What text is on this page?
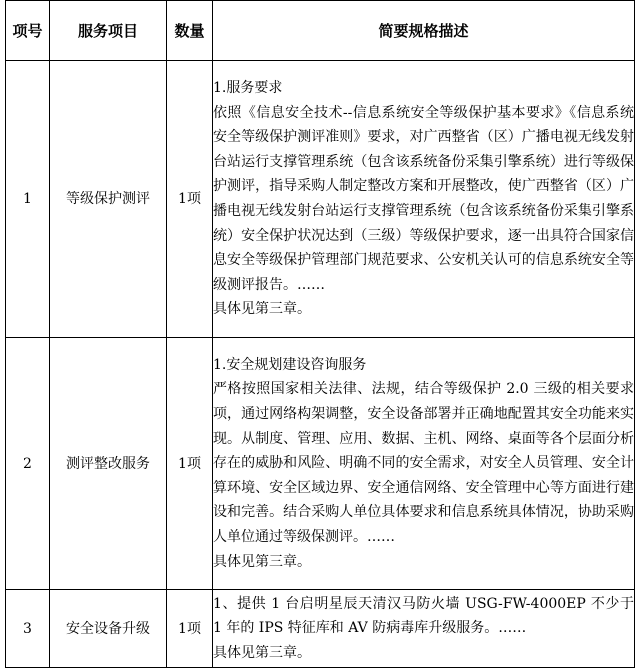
项号	服务项目	数量	简要规格描述
1	等级保护测评	1项	1.服务要求
依照《信息安全技术--信息系统安全等级保护基本要求》《信息系统安全等级保护测评准则》要求，对广西整省（区）广播电视无线发射台站运行支撑管理系统（包含该系统备份采集引擎系统）进行等级保护测评，指导采购人制定整改方案和开展整改，使广西整省（区）广播电视无线发射台站运行支撑管理系统（包含该系统备份采集引擎系统）安全保护状况达到（三级）等级保护要求，逐一出具符合国家信息安全等级保护管理部门规范要求、公安机关认可的信息系统安全等级测评报告。……
具体见第三章。

2	测评整改服务	1项	1.安全规划建设咨询服务
严格按照国家相关法律、法规，结合等级保护 2.0 三级的相关要求项，通过网络构架调整，安全设备部署并正确地配置其安全功能来实现。从制度、管理、应用、数据、主机、网络、桌面等各个层面分析存在的威胁和风险、明确不同的安全需求，对安全人员管理、安全计算环境、安全区域边界、安全通信网络、安全管理中心等方面进行建设和完善。结合采购人单位具体要求和信息系统具体情况，协助采购人单位通过等级保测评。……
具体见第三章。

3	安全设备升级	1项	1、提供 1 台启明星辰天清汉马防火墙 USG-FW-4000EP 不少于 1 年的 IPS 特征库和 AV 防病毒库升级服务。……
具体见第三章。
